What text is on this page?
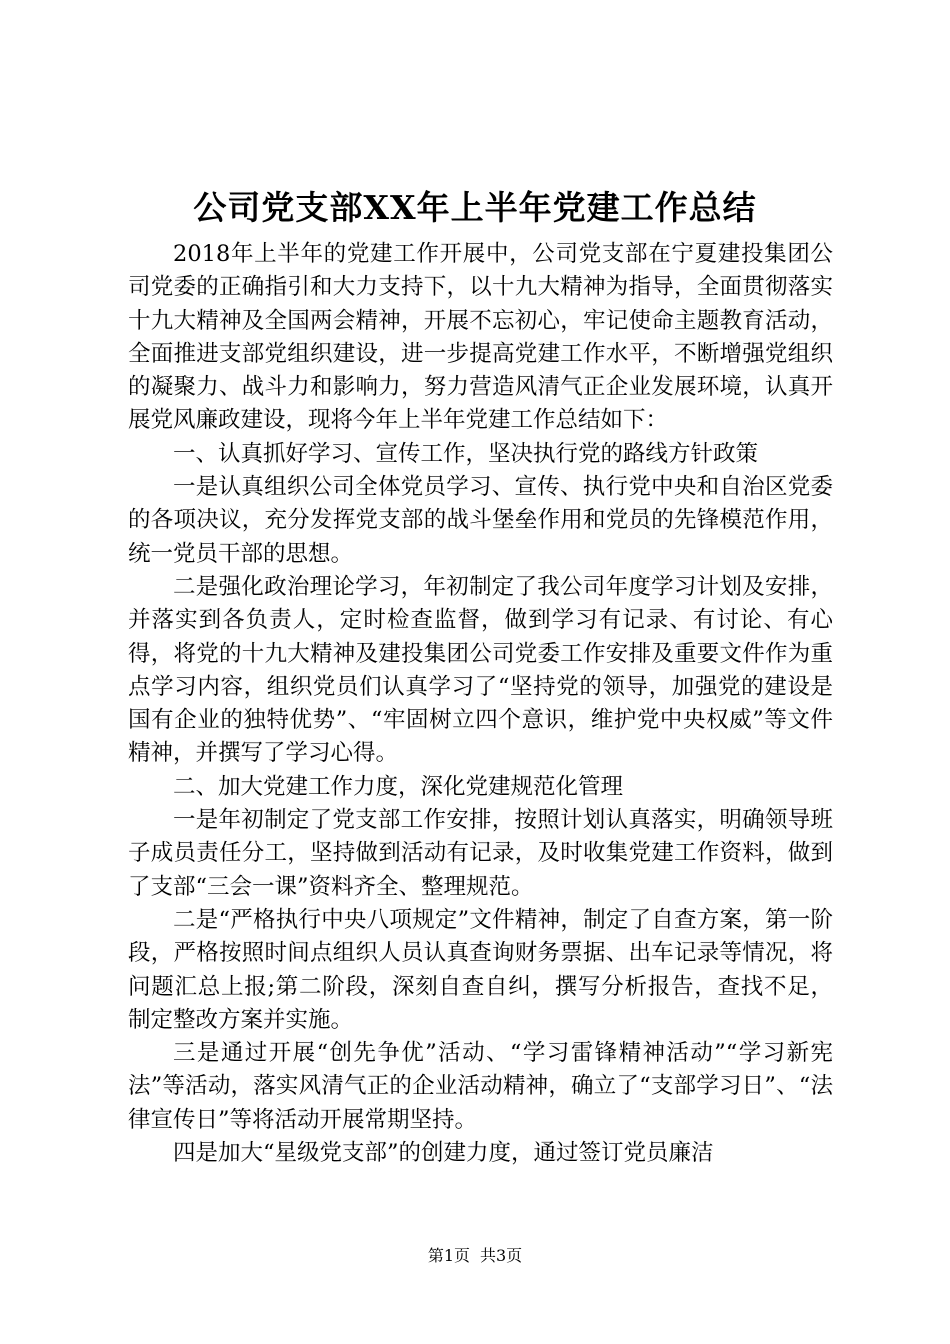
公司党支部XX年上半年党建工作总结

2018年上半年的党建工作开展中，公司党支部在宁夏建投集团公司党委的正确指引和大力支持下，以十九大精神为指导，全面贯彻落实十九大精神及全国两会精神，开展不忘初心，牢记使命主题教育活动，全面推进支部党组织建设，进一步提高党建工作水平，不断增强党组织的凝聚力、战斗力和影响力，努力营造风清气正企业发展环境，认真开展党风廉政建设，现将今年上半年党建工作总结如下：

一、认真抓好学习、宣传工作，坚决执行党的路线方针政策

一是认真组织公司全体党员学习、宣传、执行党中央和自治区党委的各项决议，充分发挥党支部的战斗堡垒作用和党员的先锋模范作用，统一党员干部的思想。

二是强化政治理论学习，年初制定了我公司年度学习计划及安排，并落实到各负责人，定时检查监督，做到学习有记录、有讨论、有心得，将党的十九大精神及建投集团公司党委工作安排及重要文件作为重点学习内容，组织党员们认真学习了“坚持党的领导，加强党的建设是国有企业的独特优势”、“牢固树立四个意识，维护党中央权威”等文件精神，并撰写了学习心得。

二、加大党建工作力度，深化党建规范化管理

一是年初制定了党支部工作安排，按照计划认真落实，明确领导班子成员责任分工，坚持做到活动有记录，及时收集党建工作资料，做到了支部“三会一课”资料齐全、整理规范。

二是“严格执行中央八项规定”文件精神，制定了自查方案，第一阶段，严格按照时间点组织人员认真查询财务票据、出车记录等情况，将问题汇总上报;第二阶段，深刻自查自纠，撰写分析报告，查找不足，制定整改方案并实施。

三是通过开展“创先争优”活动、“学习雷锋精神活动”“学习新宪法”等活动，落实风清气正的企业活动精神，确立了“支部学习日”、“法律宣传日”等将活动开展常期坚持。

四是加大“星级党支部”的创建力度，通过签订党员廉洁

第1页 共3页
